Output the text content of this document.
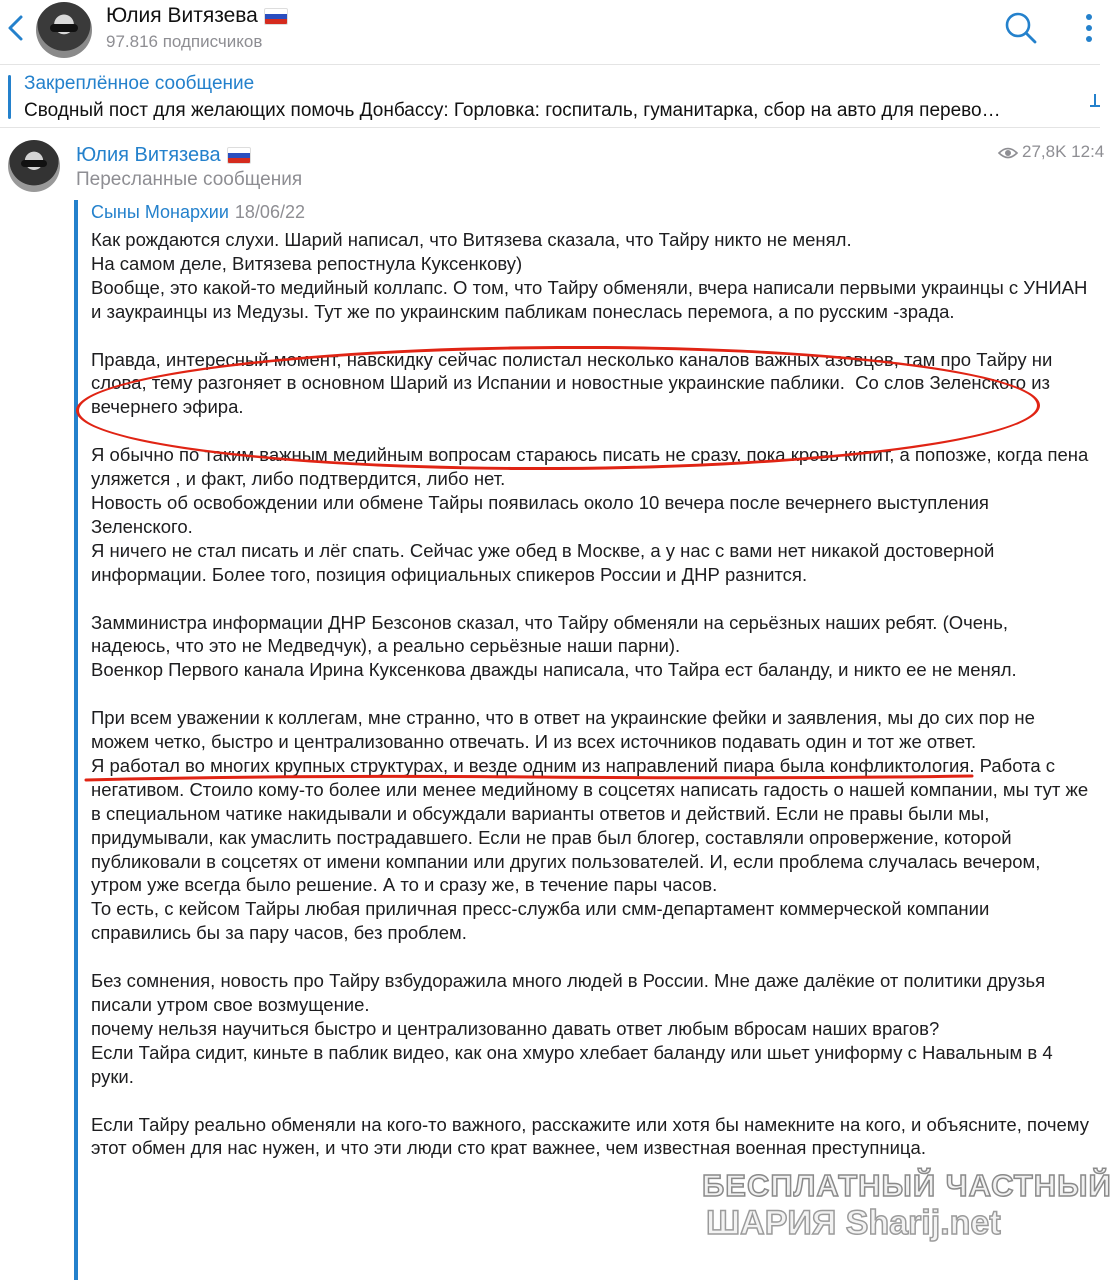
Юлия Витязева
97.816 подписчиков
Закреплённое сообщение
Сводный пост для желающих помочь Донбассу: Горловка: госпиталь, гуманитарка, сбор на авто для перево…
Юлия Витязева
Пересланные сообщения
27,8K 12:4
Сыны Монархии 18/06/22

Как рождаются слухи. Шарий написал, что Витязева сказала, что Тайру никто не менял.
На самом деле, Витязева репостнула Куксенкову)
Вообще, это какой-то медийный коллапс. О том, что Тайру обменяли, вчера написали первыми украинцы с УНИАН и заукраинцы из Медузы. Тут же по украинским пабликам понеслась перемога, а по русским -зрада.

Правда, интересный момент, навскидку сейчас полистал несколько каналов важных азовцев, там про Тайру ни слова, тему разгоняет в основном Шарий из Испании и новостные украинские паблики.  Со слов Зеленского из вечернего эфира.

Я обычно по таким важным медийным вопросам стараюсь писать не сразу, пока кровь кипит, а попозже, когда пена уляжется , и факт, либо подтвердится, либо нет.
Новость об освобождении или обмене Тайры появилась около 10 вечера после вечернего выступления Зеленского.
Я ничего не стал писать и лёг спать. Сейчас уже обед в Москве, а у нас с вами нет никакой достоверной информации. Более того, позиция официальных спикеров России и ДНР разнится.

Замминистра информации ДНР Безсонов сказал, что Тайру обменяли на серьёзных наших ребят. (Очень, надеюсь, что это не Медведчук), а реально серьёзные наши парни).
Военкор Первого канала Ирина Куксенкова дважды написала, что Тайра ест баланду, и никто ее не менял.

При всем уважении к коллегам, мне странно, что в ответ на украинские фейки и заявления, мы до сих пор не можем четко, быстро и централизованно отвечать. И из всех источников подавать один и тот же ответ.
Я работал во многих крупных структурах, и везде одним из направлений пиара была конфликтология. Работа с негативом. Стоило кому-то более или менее медийному в соцсетях написать гадость о нашей компании, мы тут же в специальном чатике накидывали и обсуждали варианты ответов и действий. Если не правы были мы, придумывали, как умаслить пострадавшего. Если не прав был блогер, составляли опровержение, которой публиковали в соцсетях от имени компании или других пользователей. И, если проблема случалась вечером, утром уже всегда было решение. А то и сразу же, в течение пары часов.
То есть, с кейсом Тайры любая приличная пресс-служба или смм-департамент коммерческой компании справились бы за пару часов, без проблем.

Без сомнения, новость про Тайру взбудоражила много людей в России. Мне даже далёкие от политики друзья писали утром свое возмущение.
почему нельзя научиться быстро и централизованно давать ответ любым вбросам наших врагов?
Если Тайра сидит, киньте в паблик видео, как она хмуро хлебает баланду или шьет униформу с Навальным в 4 руки.

Если Тайру реально обменяли на кого-то важного, расскажите или хотя бы намекните на кого, и объясните, почему этот обмен для нас нужен, и что эти люди сто крат важнее, чем известная военная преступница.

БЕСПЛАТНЫЙ ЧАСТНЫЙ
ШАРИЯ Sharij.net
